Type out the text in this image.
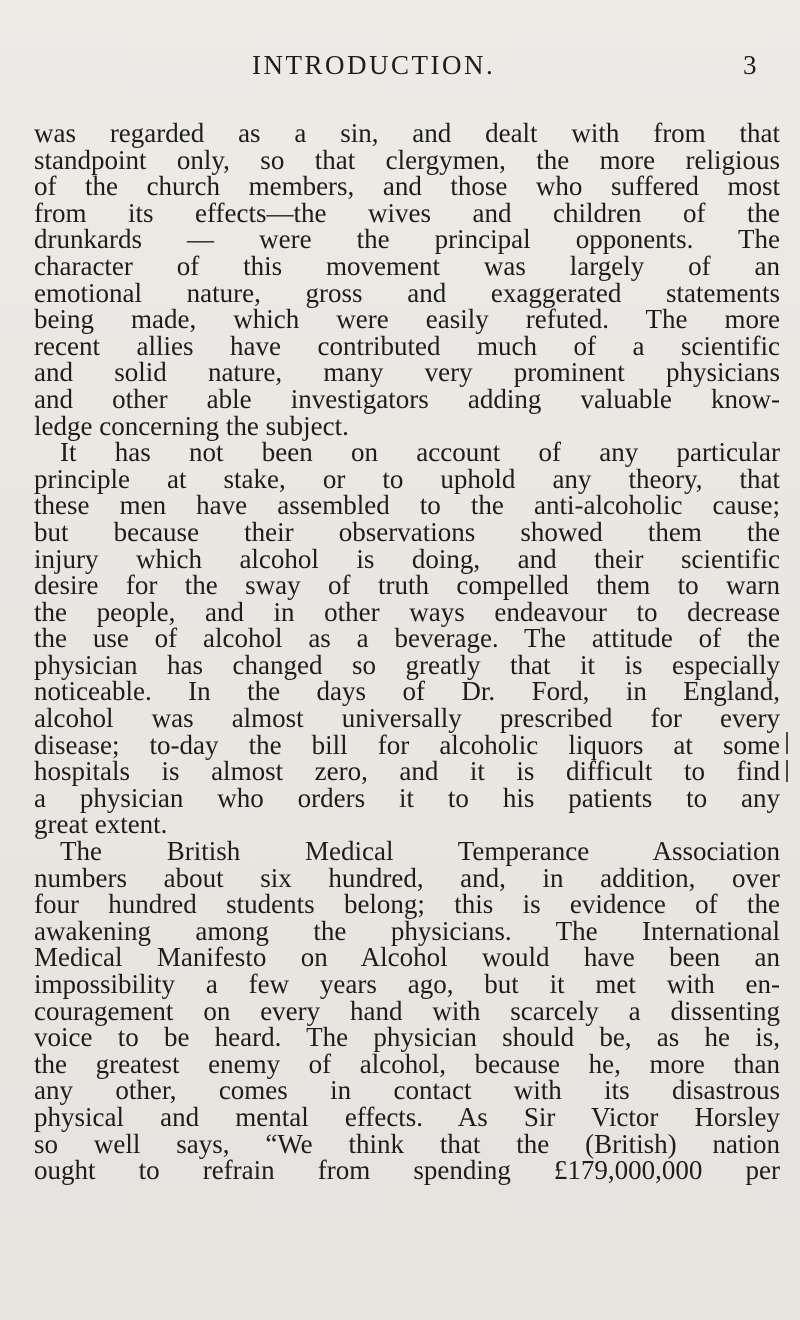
INTRODUCTION.	3
was regarded as a sin, and dealt with from that
standpoint only, so that clergymen, the more religious
of the church members, and those who suffered most
from its effects—the wives and children of the
drunkards — were the principal opponents. The
character of this movement was largely of an
emotional nature, gross and exaggerated statements
being made, which were easily refuted. The more
recent allies have contributed much of a scientific
and solid nature, many very prominent physicians
and other able investigators adding valuable know-
ledge concerning the subject.
It has not been on account of any particular
principle at stake, or to uphold any theory, that
these men have assembled to the anti-alcoholic cause;
but because their observations showed them the
injury which alcohol is doing, and their scientific
desire for the sway of truth compelled them to warn
the people, and in other ways endeavour to decrease
the use of alcohol as a beverage. The attitude of the
physician has changed so greatly that it is especially
noticeable. In the days of Dr. Ford, in England,
alcohol was almost universally prescribed for every
disease; to-day the bill for alcoholic liquors at some
hospitals is almost zero, and it is difficult to find
a physician who orders it to his patients to any
great extent.
The British Medical Temperance Association
numbers about six hundred, and, in addition, over
four hundred students belong; this is evidence of the
awakening among the physicians. The International
Medical Manifesto on Alcohol would have been an
impossibility a few years ago, but it met with en-
couragement on every hand with scarcely a dissenting
voice to be heard. The physician should be, as he is,
the greatest enemy of alcohol, because he, more than
any other, comes in contact with its disastrous
physical and mental effects. As Sir Victor Horsley
so well says, “We think that the (British) nation
ought to refrain from spending £179,000,000 per
